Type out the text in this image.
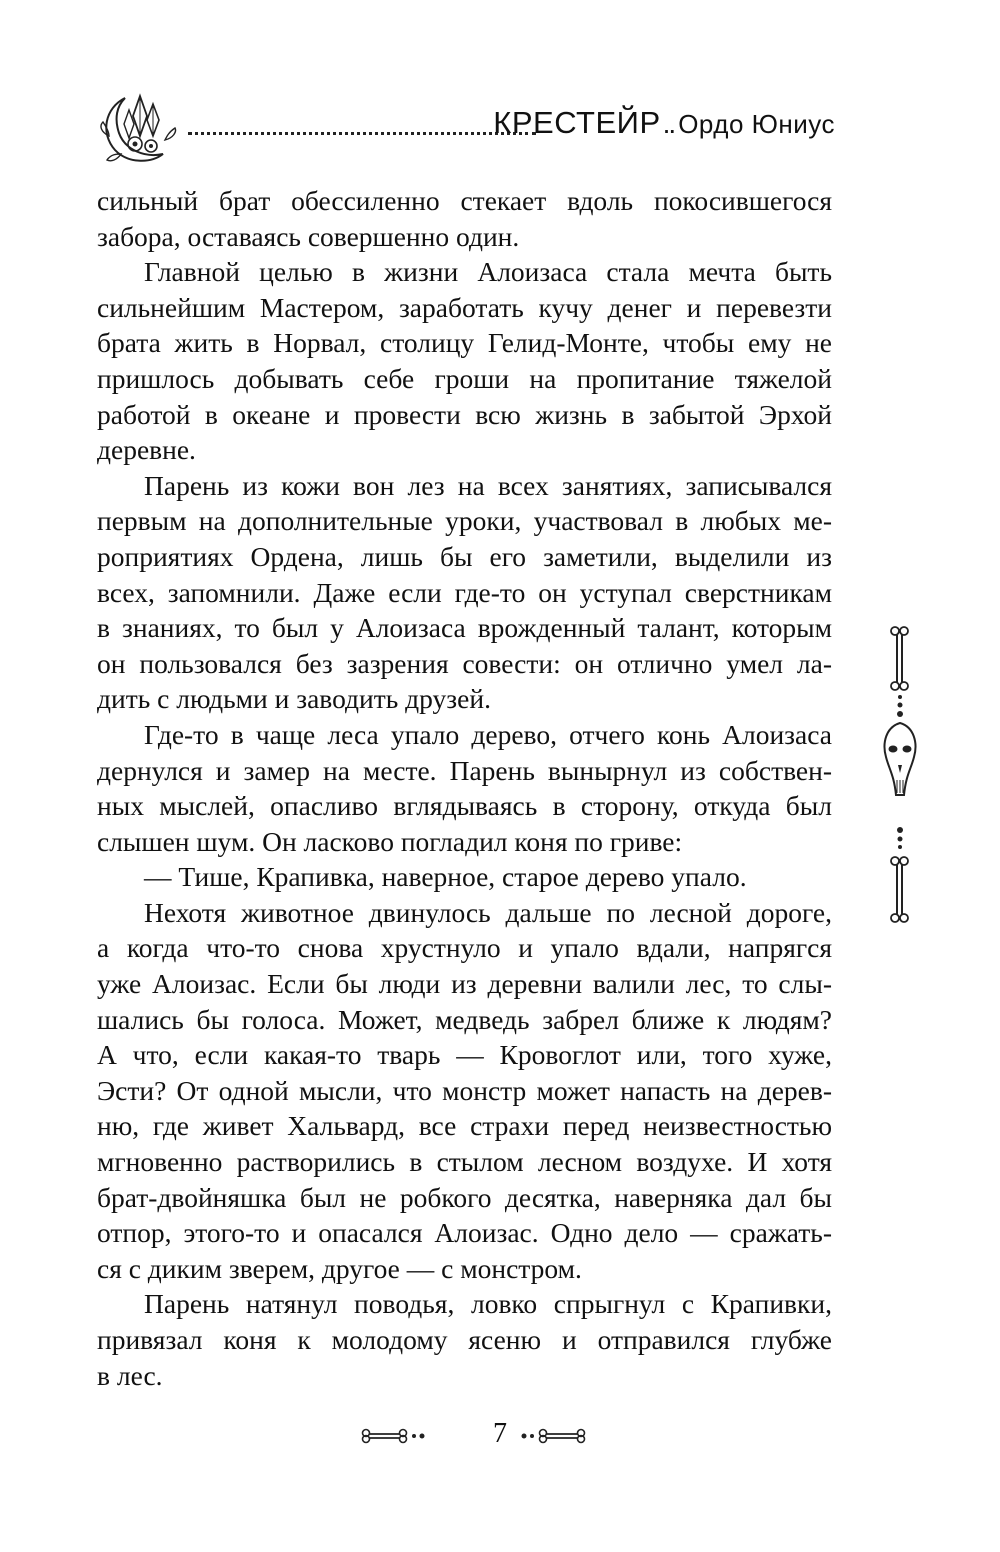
КРЕСТЕЙР.. Ордо Юниус

сильный брат обессиленно стекает вдоль покосившегося
забора, оставаясь совершенно один.

Главной целью в жизни Алоизаса стала мечта быть
сильнейшим Мастером, заработать кучу денег и перевезти
брата жить в Норвал, столицу Гелид-Монте, чтобы ему не
пришлось добывать себе гроши на пропитание тяжелой
работой в океане и провести всю жизнь в забытой Эрхой
деревне.

Парень из кожи вон лез на всех занятиях, записывался
первым на дополнительные уроки, участвовал в любых ме-
роприятиях Ордена, лишь бы его заметили, выделили из
всех, запомнили. Даже если где-то он уступал сверстникам
в знаниях, то был у Алоизаса врожденный талант, которым
он пользовался без зазрения совести: он отлично умел ла-
дить с людьми и заводить друзей.

Где-то в чаще леса упало дерево, отчего конь Алоизаса
дернулся и замер на месте. Парень вынырнул из собствен-
ных мыслей, опасливо вглядываясь в сторону, откуда был
слышен шум. Он ласково погладил коня по гриве:

— Тише, Крапивка, наверное, старое дерево упало.

Нехотя животное двинулось дальше по лесной дороге,
а когда что-то снова хрустнуло и упало вдали, напрягся
уже Алоизас. Если бы люди из деревни валили лес, то слы-
шались бы голоса. Может, медведь забрел ближе к людям?
А что, если какая-то тварь — Кровоглот или, того хуже,
Эсти? От одной мысли, что монстр может напасть на дерев-
ню, где живет Хальвард, все страхи перед неизвестностью
мгновенно растворились в стылом лесном воздухе. И хотя
брат-двойняшка был не робкого десятка, наверняка дал бы
отпор, этого-то и опасался Алоизас. Одно дело — сражать-
ся с диким зверем, другое — с монстром.

Парень натянул поводья, ловко спрыгнул с Крапивки,
привязал коня к молодому ясеню и отправился глубже
в лес.

7
